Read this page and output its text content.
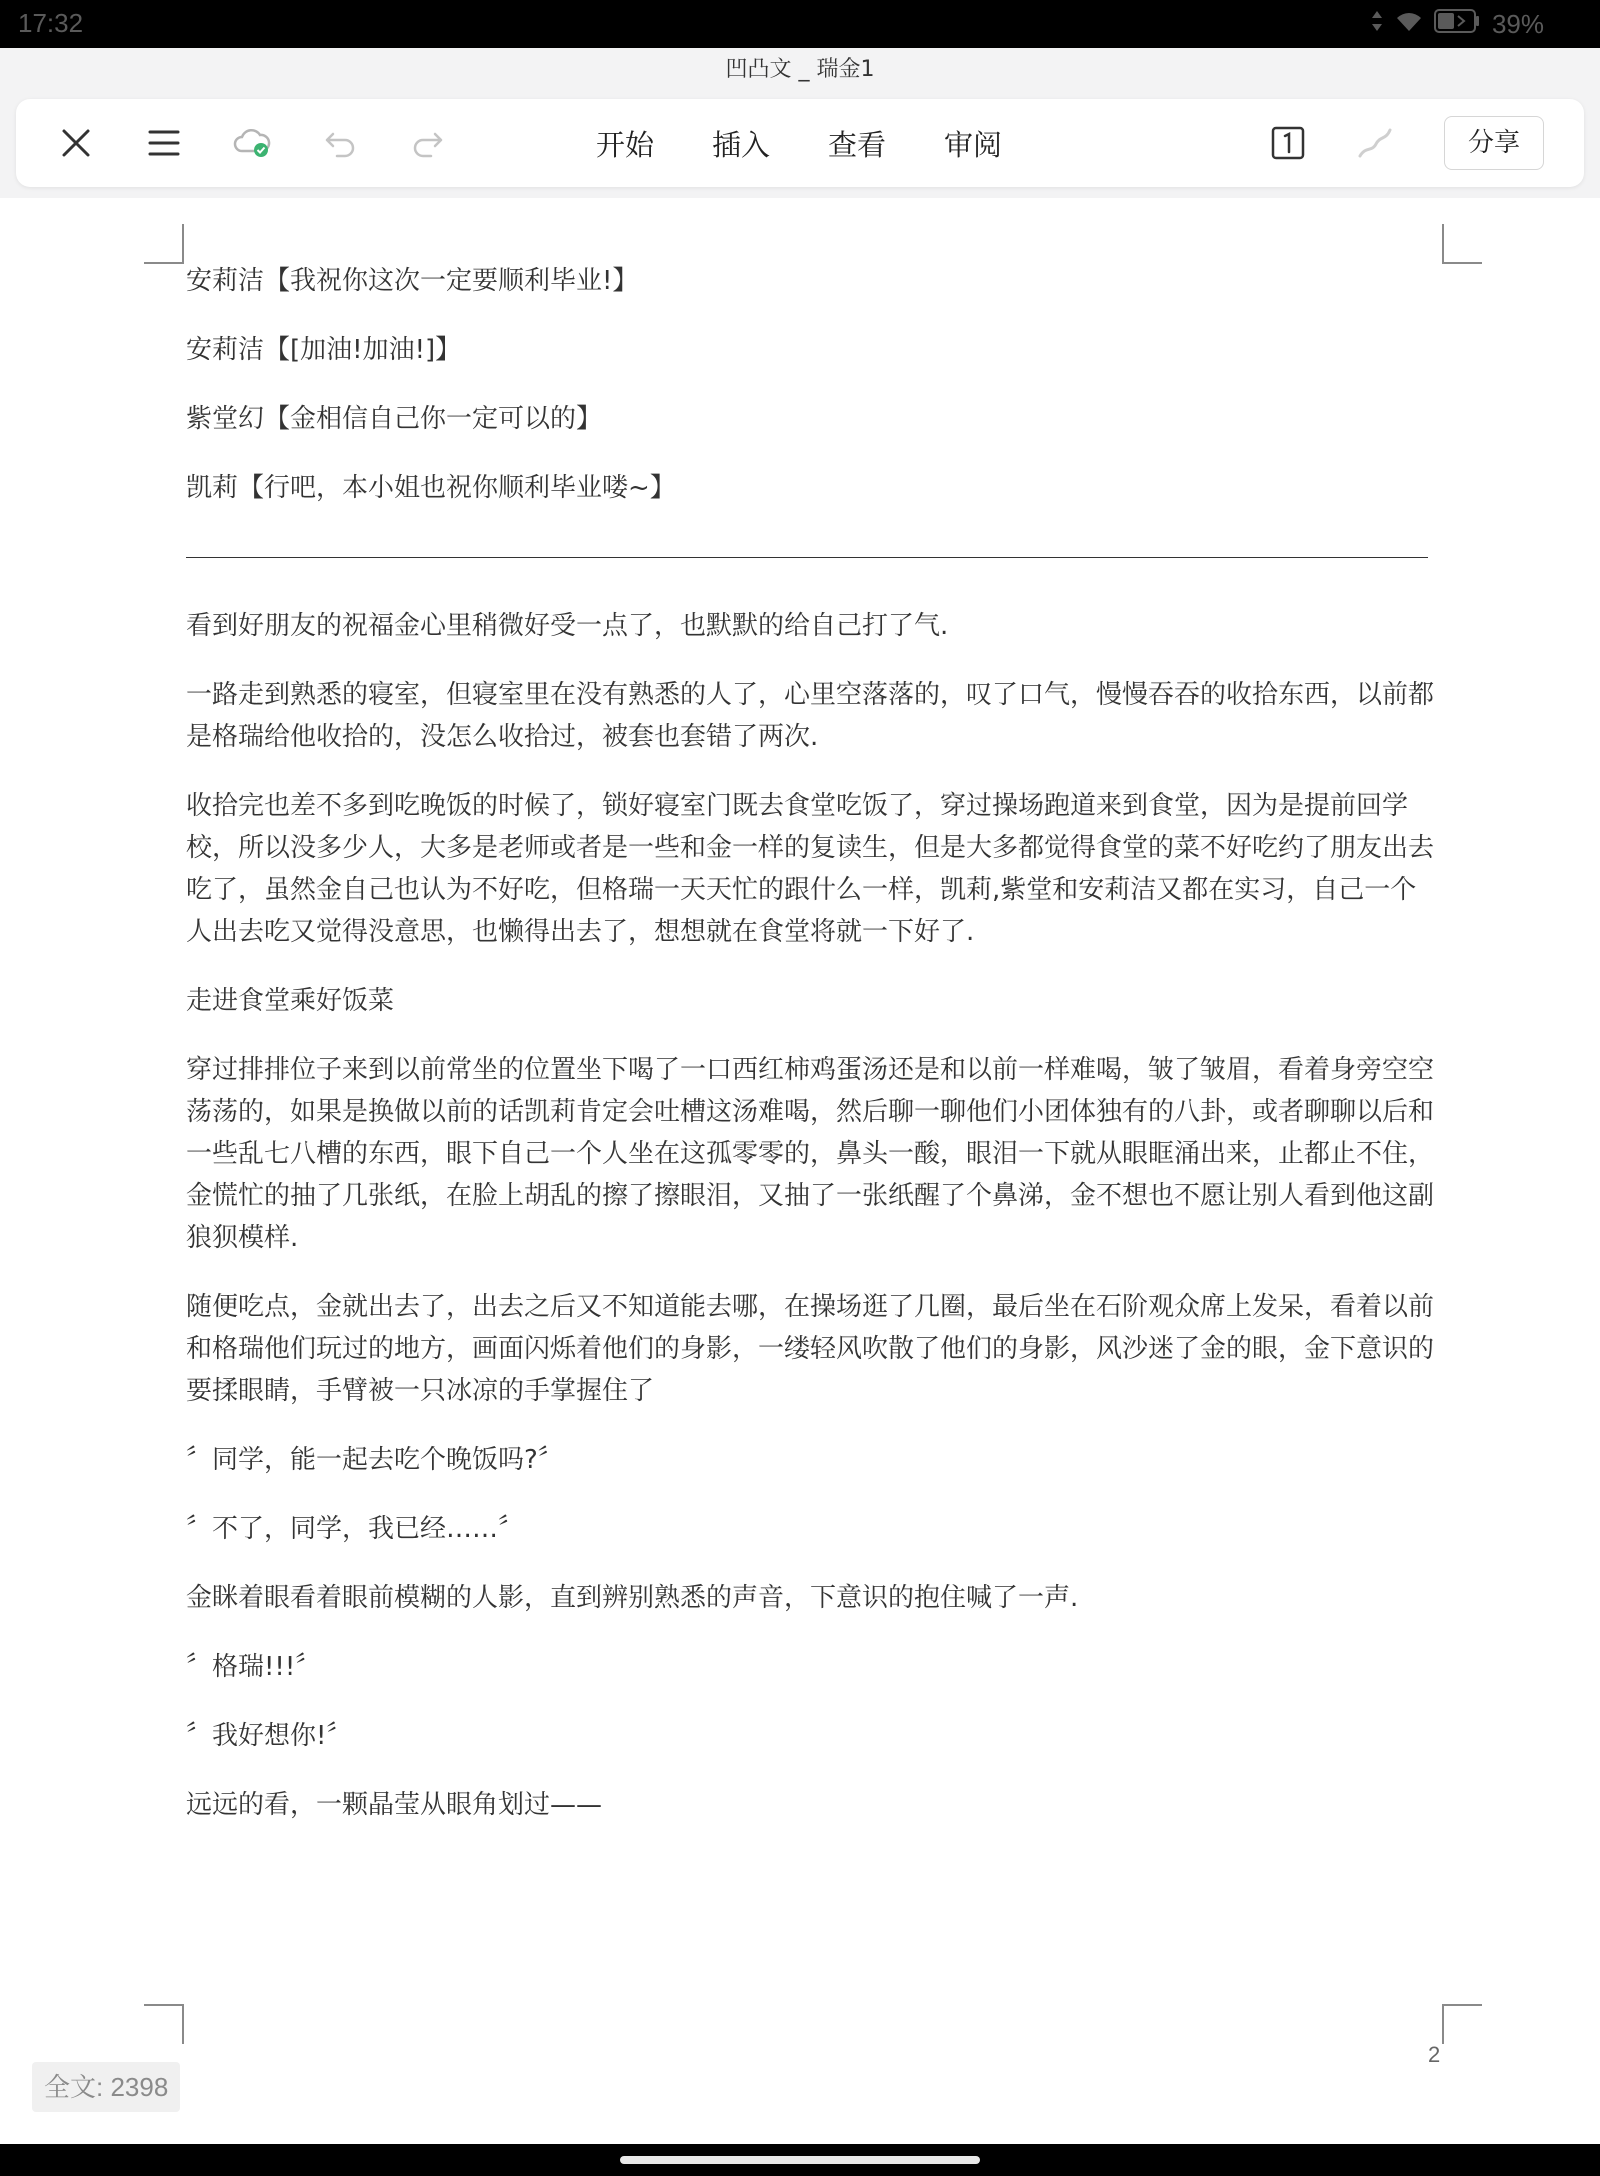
17:32	39%
凹凸文 _ 瑞金1
开始 插入 查看 审阅	分享

安莉洁【我祝你这次一定要顺利毕业!】

安莉洁【[加油!加油!]】

紫堂幻【金相信自己你一定可以的】

凯莉【行吧，本小姐也祝你顺利毕业喽~】

看到好朋友的祝福金心里稍微好受一点了，也默默的给自己打了气.

一路走到熟悉的寝室，但寝室里在没有熟悉的人了，心里空落落的，叹了口气，慢慢吞吞的收拾东西，以前都是格瑞给他收拾的，没怎么收拾过，被套也套错了两次.

收拾完也差不多到吃晚饭的时候了，锁好寝室门既去食堂吃饭了，穿过操场跑道来到食堂，因为是提前回学校，所以没多少人，大多是老师或者是一些和金一样的复读生，但是大多都觉得食堂的菜不好吃约了朋友出去吃了，虽然金自己也认为不好吃，但格瑞一天天忙的跟什么一样，凯莉,紫堂和安莉洁又都在实习，自己一个人出去吃又觉得没意思，也懒得出去了，想想就在食堂将就一下好了.

走进食堂乘好饭菜

穿过排排位子来到以前常坐的位置坐下喝了一口西红柿鸡蛋汤还是和以前一样难喝，皱了皱眉，看着身旁空空荡荡的，如果是换做以前的话凯莉肯定会吐槽这汤难喝，然后聊一聊他们小团体独有的八卦，或者聊聊以后和一些乱七八槽的东西，眼下自己一个人坐在这孤零零的，鼻头一酸，眼泪一下就从眼眶涌出来，止都止不住，金慌忙的抽了几张纸，在脸上胡乱的擦了擦眼泪，又抽了一张纸醒了个鼻涕，金不想也不愿让别人看到他这副狼狈模样.

随便吃点，金就出去了，出去之后又不知道能去哪，在操场逛了几圈，最后坐在石阶观众席上发呆，看着以前和格瑞他们玩过的地方，画面闪烁着他们的身影，一缕轻风吹散了他们的身影，风沙迷了金的眼，金下意识的要揉眼睛，手臂被一只冰凉的手掌握住了

〞同学，能一起去吃个晚饭吗?〞

〞不了，同学，我已经……〞

金眯着眼看着眼前模糊的人影，直到辨别熟悉的声音，下意识的抱住喊了一声.

〞格瑞!!!〞

〞我好想你!〞

远远的看，一颗晶莹从眼角划过——

2
全文: 2398
